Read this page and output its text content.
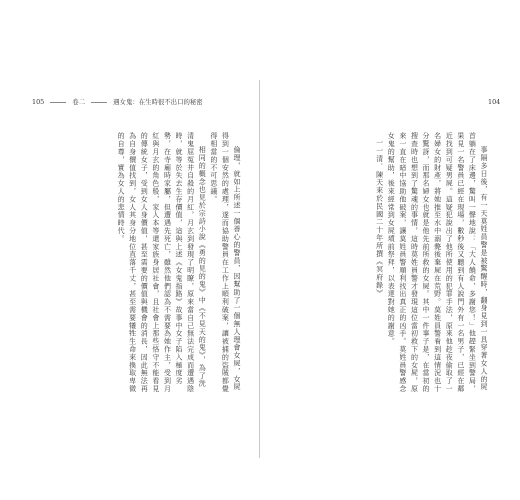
105	卷二	遇女鬼：在生時很不出口的秘密	104

事隔多日後，有一天莫姓員警是被驚醒時，翻身見到一具穿著女人的屍首躺在了床邊，驚叫一聲地說：「大人饒命，多謝您！」他趕緊坐到警局，果見一名警員已經在現場，數秒後又聽到有人說門外有一名男子，已經在鄰近找到可疑男屍。這疑犯說出了他所使用的犯罪手法，原來他趁夜偷取了一名婦女的財產，將她推至水中溺斃後棄屍在荒野。莫姓員警看到這情況也十分驚訝，而那名婦女也就是他先前所救的女屍。其中一件事子是，在當初的搜查時也想到了驚魂的事情，這時莫姓員警才發現這位當初救下的女屍，原來一直在暗中協助他破案，讓莫姓員警順利找出真正的凶手。莫姓員警感念女鬼的幫助，後來經常到女屍墳前祭拜，以表達對她的謝意。

一一清．陳天來於民國二十年所撰《冥府錄》

倫理，就如上所述一個善心的警員，因幫助了一個無人理會女屍，女屍得到一個安然的處理，遂而協助警員在工作上順利破案，讓被捕的盜賊都覺得相當的不可思議。

相同的概念也見於宗詩小說《勇的見的鬼》中《不見天的鬼》，為了洗清鬼屈冤井自殺的月紅，月玄到發現了明瞭，原來當自己無法完成而遭遇陰時，就等於失去生存價值，這與上述《女鬼指路》故事中女子陷入極度劣勢，在寺廟時家屬，但遭遇先死亡，雖然他們認為不需要為她作主，受到月紅與月玄的角色般，家人本等還家族身居社會，且社會上那些恪守不能看見的傳統女子，受到女人身價值，甚至需要的價值與機會的消長，因此無法再為自身價值找到，女人其身分地位直落千丈，甚至需要犧牲生命來換取卑微的自尊，實為女人的悲情時代。
